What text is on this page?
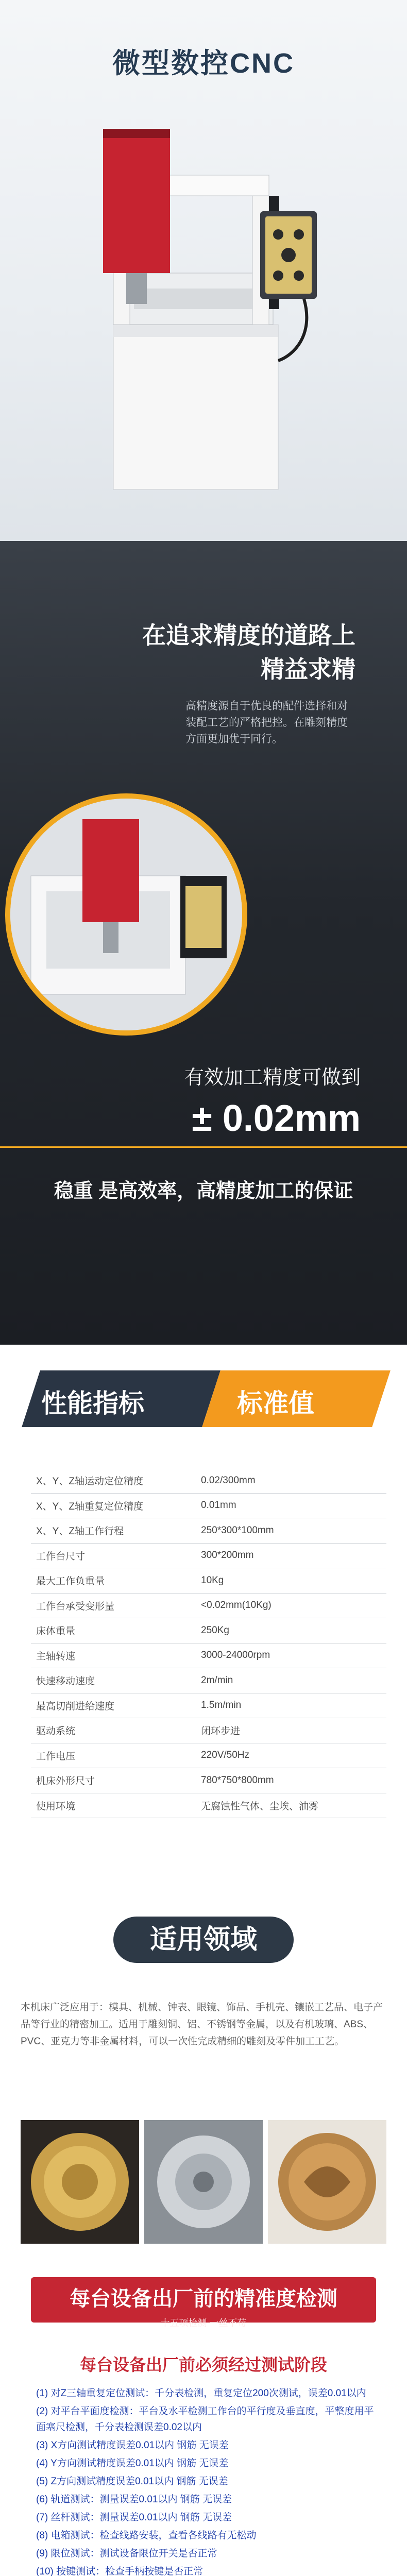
微型数控CNC
在追求精度的道路上
精益求精

高精度源自于优良的配件选择和对装配工艺的严格把控。在雕刻精度方面更加优于同行。

有效加工精度可做到
± 0.02mm
稳重 是高效率，高精度加工的保证
性能指标	标准值
X、Y、Z轴运动定位精度	0.02/300mm
X、Y、Z轴重复定位精度	0.01mm
X、Y、Z轴工作行程	250*300*100mm
工作台尺寸	300*200mm
最大工作负重量	10Kg
工作台承受变形量	<0.02mm(10Kg)
床体重量	250Kg
主轴转速	3000-24000rpm
快速移动速度	2m/min
最高切削进给速度	1.5m/min
驱动系统	闭环步进
工作电压	220V/50Hz
机床外形尺寸	780*750*800mm
使用环境	无腐蚀性气体、尘埃、油雾
适用领域

本机床广泛应用于：模具、机械、钟表、眼镜、饰品、手机壳、镶嵌工艺品、电子产品等行业的精密加工。适用于雕刻铜、铝、不锈钢等金属，以及有机玻璃、ABS、PVC、亚克力等非金属材料，可以一次性完成精细的雕刻及零件加工工艺。

每台设备出厂前的精准度检测
十五项检测 一丝不苟
每台设备出厂前必须经过测试阶段
(1) 对Z三轴重复定位测试：千分表检测，重复定位200次测试，误差0.01以内
(2) 对平台平面度检测：平台及水平检测工作台的平行度及垂直度，平整度用平面塞尺检测，千分表检测误差0.02以内
(3) X方向测试精度误差0.01以内 钢筋 无误差
(4) Y方向测试精度误差0.01以内 钢筋 无误差
(5) Z方向测试精度误差0.01以内 钢筋 无误差
(6) 轨道测试：测量误差0.01以内 钢筋 无误差
(7) 丝杆测试：测量误差0.01以内 钢筋 无误差
(8) 电箱测试：检查线路安装，查看各线路有无松动
(9) 限位测试：测试设备限位开关是否正常
(10) 按键测试：检查手柄按键是否正常
